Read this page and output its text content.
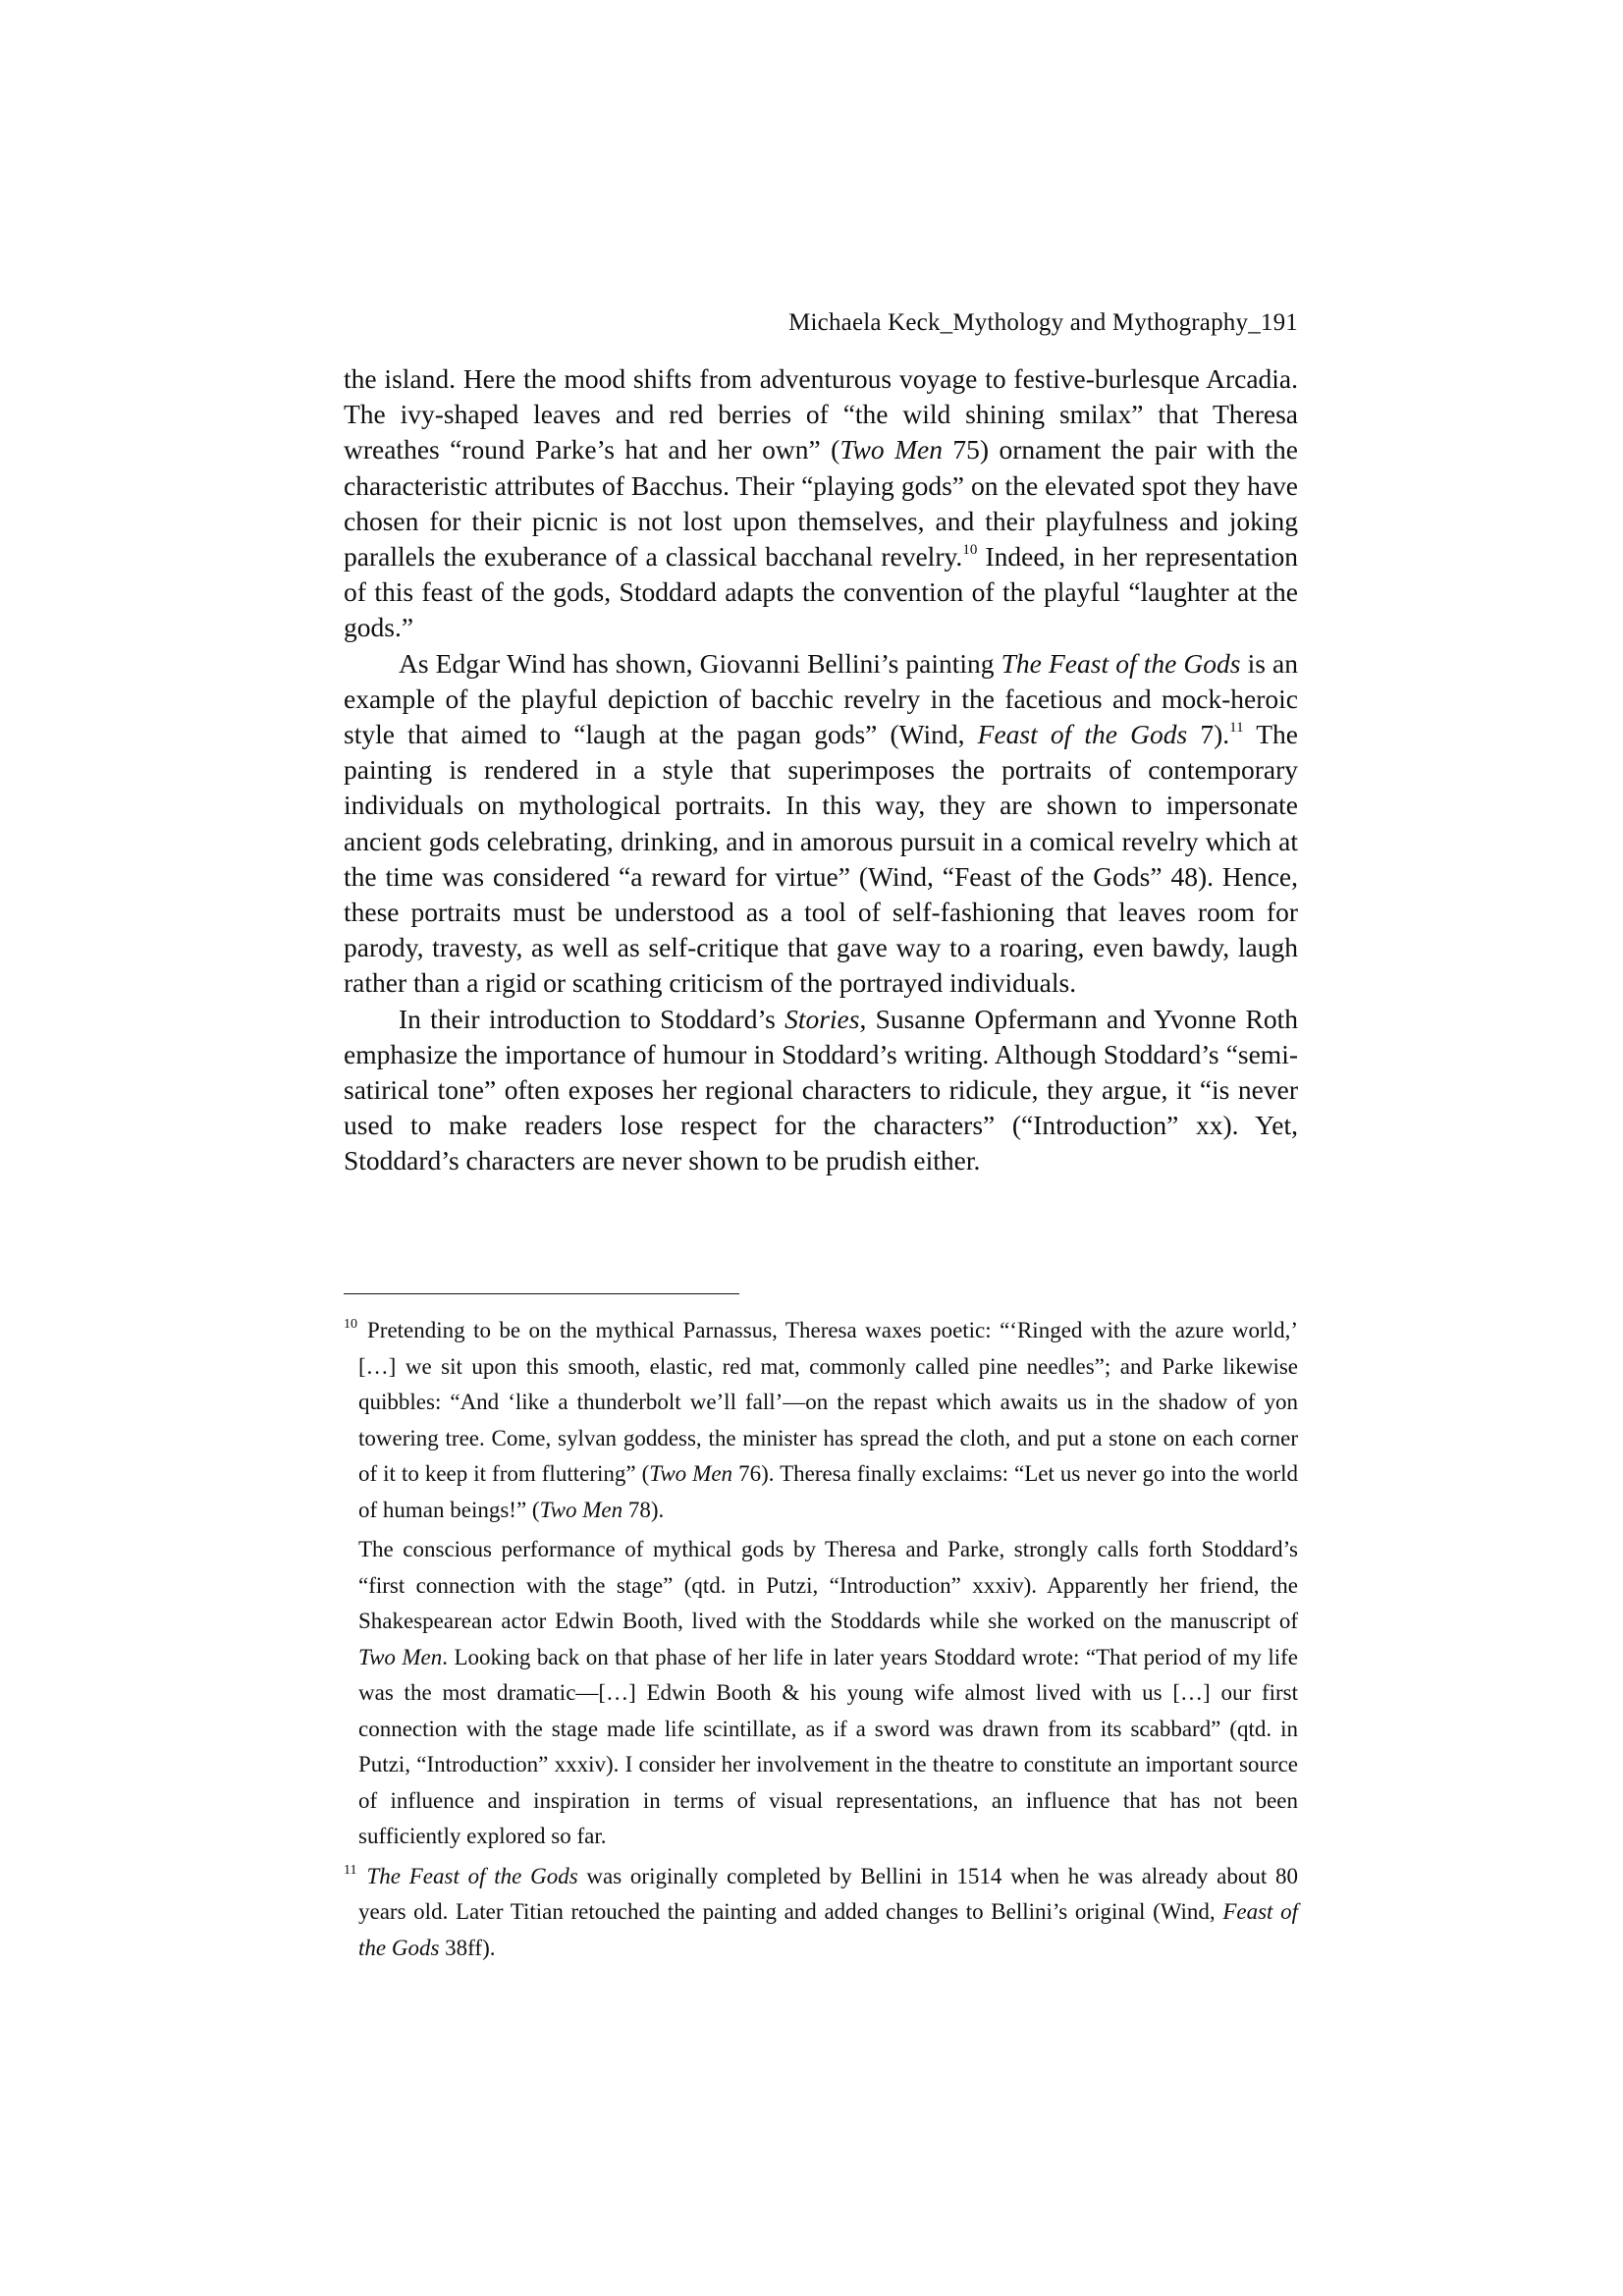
Michaela Keck_Mythology and Mythography_191

the island. Here the mood shifts from adventurous voyage to festive-burlesque Arcadia. The ivy-shaped leaves and red berries of “the wild shining smilax” that Theresa wreathes “round Parke’s hat and her own” (Two Men 75) ornament the pair with the characteristic attributes of Bacchus. Their “playing gods” on the elevated spot they have chosen for their picnic is not lost upon themselves, and their playfulness and joking parallels the exuberance of a classical bacchanal revelry.$^{10}$ Indeed, in her representation of this feast of the gods, Stoddard adapts the convention of the playful “laughter at the gods.”

As Edgar Wind has shown, Giovanni Bellini’s painting The Feast of the Gods is an example of the playful depiction of bacchic revelry in the facetious and mock-heroic style that aimed to “laugh at the pagan gods” (Wind, Feast of the Gods 7).$^{11}$ The painting is rendered in a style that superimposes the portraits of contemporary individuals on mythological portraits. In this way, they are shown to impersonate ancient gods celebrating, drinking, and in amorous pursuit in a comical revelry which at the time was considered “a reward for virtue” (Wind, “Feast of the Gods” 48). Hence, these portraits must be understood as a tool of self-fashioning that leaves room for parody, travesty, as well as self-critique that gave way to a roaring, even bawdy, laugh rather than a rigid or scathing criticism of the portrayed individuals.

In their introduction to Stoddard’s Stories, Susanne Opfermann and Yvonne Roth emphasize the importance of humour in Stoddard’s writing. Although Stoddard’s “semi-satirical tone” often exposes her regional characters to ridicule, they argue, it “is never used to make readers lose respect for the characters” (“Introduction” xx). Yet, Stoddard’s characters are never shown to be prudish either.

$^{10}$ Pretending to be on the mythical Parnassus, Theresa waxes poetic: “‘Ringed with the azure world,’ […] we sit upon this smooth, elastic, red mat, commonly called pine needles”; and Parke likewise quibbles: “And ‘like a thunderbolt we’ll fall’—on the repast which awaits us in the shadow of yon towering tree. Come, sylvan goddess, the minister has spread the cloth, and put a stone on each corner of it to keep it from fluttering” (Two Men 76). Theresa finally exclaims: “Let us never go into the world of human beings!” (Two Men 78).

The conscious performance of mythical gods by Theresa and Parke, strongly calls forth Stoddard’s “first connection with the stage” (qtd. in Putzi, “Introduction” xxxiv). Apparently her friend, the Shakespearean actor Edwin Booth, lived with the Stoddards while she worked on the manuscript of Two Men. Looking back on that phase of her life in later years Stoddard wrote: “That period of my life was the most dramatic—[…] Edwin Booth & his young wife almost lived with us […] our first connection with the stage made life scintillate, as if a sword was drawn from its scabbard” (qtd. in Putzi, “Introduction” xxxiv). I consider her involvement in the theatre to constitute an important source of influence and inspiration in terms of visual representations, an influence that has not been sufficiently explored so far.

$^{11}$ The Feast of the Gods was originally completed by Bellini in 1514 when he was already about 80 years old. Later Titian retouched the painting and added changes to Bellini’s original (Wind, Feast of the Gods 38ff).
